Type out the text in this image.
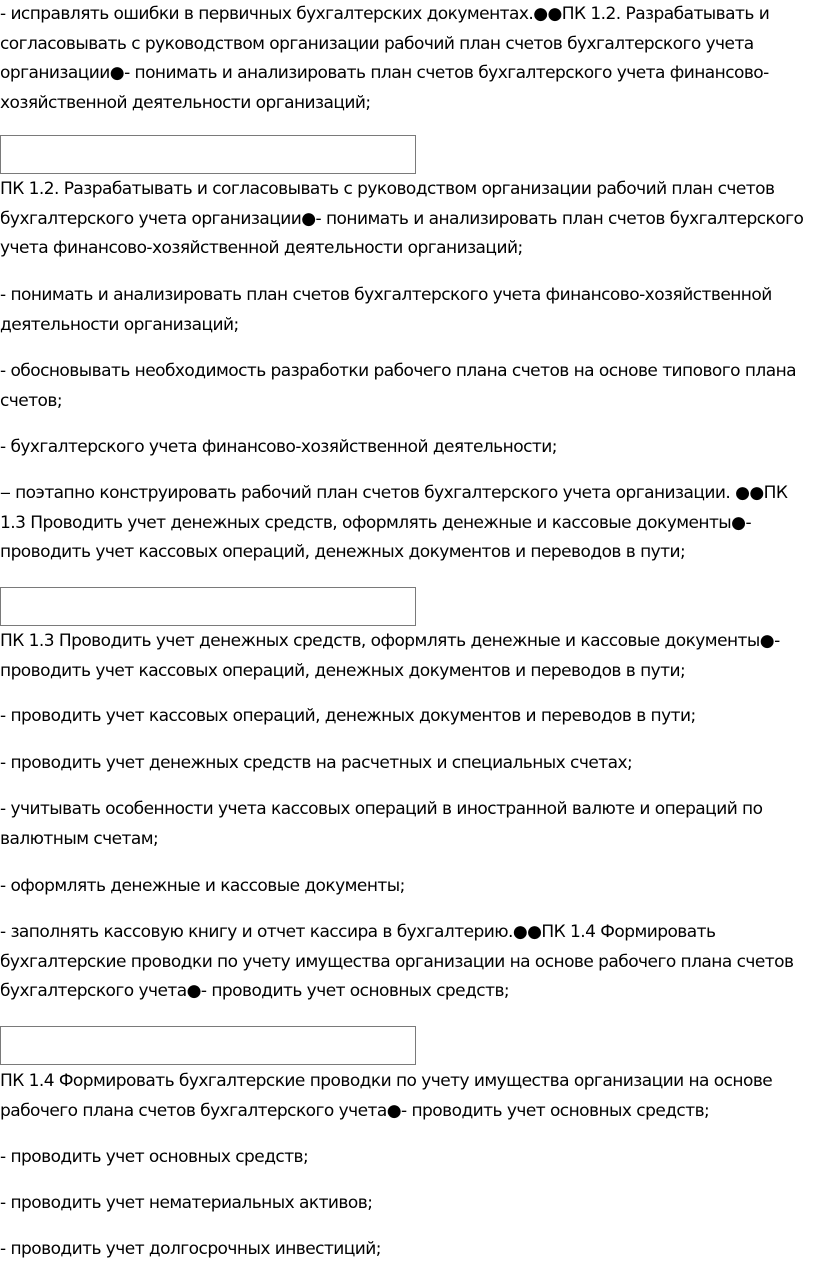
- исправлять ошибки в первичных бухгалтерских документах.●●ПК 1.2. Разрабатывать и согласовывать с руководством организации рабочий план счетов бухгалтерского учета организации●- понимать и анализировать план счетов бухгалтерского учета финансово-хозяйственной деятельности организаций;

ПК 1.2. Разрабатывать и согласовывать с руководством организации рабочий план счетов бухгалтерского учета организации●- понимать и анализировать план счетов бухгалтерского учета финансово-хозяйственной деятельности организаций;

- понимать и анализировать план счетов бухгалтерского учета финансово-хозяйственной деятельности организаций;

- обосновывать необходимость разработки рабочего плана счетов на основе типового плана счетов;

- бухгалтерского учета финансово-хозяйственной деятельности;

‒ поэтапно конструировать рабочий план счетов бухгалтерского учета организации. ●●ПК 1.3 Проводить учет денежных средств, оформлять денежные и кассовые документы●- проводить учет кассовых операций, денежных документов и переводов в пути;

ПК 1.3 Проводить учет денежных средств, оформлять денежные и кассовые документы●- проводить учет кассовых операций, денежных документов и переводов в пути;

- проводить учет кассовых операций, денежных документов и переводов в пути;

- проводить учет денежных средств на расчетных и специальных счетах;

- учитывать особенности учета кассовых операций в иностранной валюте и операций по валютным счетам;

- оформлять денежные и кассовые документы;

- заполнять кассовую книгу и отчет кассира в бухгалтерию.●●ПК 1.4 Формировать бухгалтерские проводки по учету имущества организации на основе рабочего плана счетов бухгалтерского учета●- проводить учет основных средств;

ПК 1.4 Формировать бухгалтерские проводки по учету имущества организации на основе рабочего плана счетов бухгалтерского учета●- проводить учет основных средств;

- проводить учет основных средств;

- проводить учет нематериальных активов;

- проводить учет долгосрочных инвестиций;
